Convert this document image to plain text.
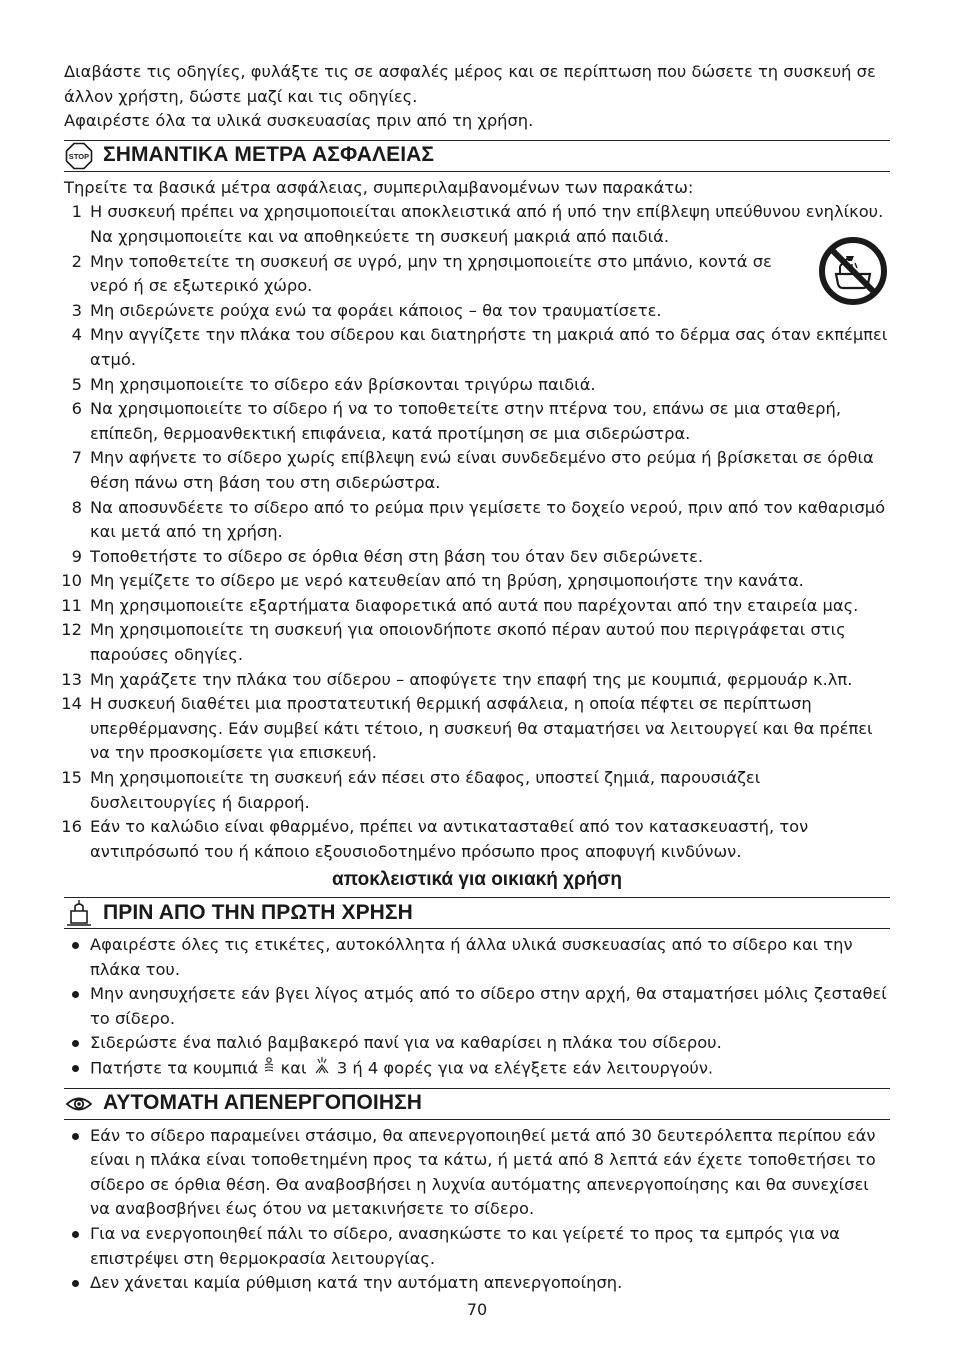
Διαβάστε τις οδηγίες, φυλάξτε τις σε ασφαλές μέρος και σε περίπτωση που δώσετε τη συσκευή σε άλλον χρήστη, δώστε μαζί και τις οδηγίες.

Αφαιρέστε όλα τα υλικά συσκευασίας πριν από τη χρήση.

STOP ΣΗΜΑΝΤΙΚΑ ΜΕΤΡΑ ΑΣΦΑΛΕΙΑΣ

Τηρείτε τα βασικά μέτρα ασφάλειας, συμπεριλαμβανομένων των παρακάτω:

1 Η συσκευή πρέπει να χρησιμοποιείται αποκλειστικά από ή υπό την επίβλεψη υπεύθυνου ενηλίκου. Να χρησιμοποιείτε και να αποθηκεύετε τη συσκευή μακριά από παιδιά.
2 Μην τοποθετείτε τη συσκευή σε υγρό, μην τη χρησιμοποιείτε στο μπάνιο, κοντά σε νερό ή σε εξωτερικό χώρο.
3 Μη σιδερώνετε ρούχα ενώ τα φοράει κάποιος – θα τον τραυματίσετε.
4 Μην αγγίζετε την πλάκα του σίδερου και διατηρήστε τη μακριά από το δέρμα σας όταν εκπέμπει ατμό.
5 Μη χρησιμοποιείτε το σίδερο εάν βρίσκονται τριγύρω παιδιά.
6 Να χρησιμοποιείτε το σίδερο ή να το τοποθετείτε στην πτέρνα του, επάνω σε μια σταθερή, επίπεδη, θερμοανθεκτική επιφάνεια, κατά προτίμηση σε μια σιδερώστρα.
7 Μην αφήνετε το σίδερο χωρίς επίβλεψη ενώ είναι συνδεδεμένο στο ρεύμα ή βρίσκεται σε όρθια θέση πάνω στη βάση του στη σιδερώστρα.
8 Να αποσυνδέετε το σίδερο από το ρεύμα πριν γεμίσετε το δοχείο νερού, πριν από τον καθαρισμό και μετά από τη χρήση.
9 Τοποθετήστε το σίδερο σε όρθια θέση στη βάση του όταν δεν σιδερώνετε.
10 Μη γεμίζετε το σίδερο με νερό κατευθείαν από τη βρύση, χρησιμοποιήστε την κανάτα.
11 Μη χρησιμοποιείτε εξαρτήματα διαφορετικά από αυτά που παρέχονται από την εταιρεία μας.
12 Μη χρησιμοποιείτε τη συσκευή για οποιονδήποτε σκοπό πέραν αυτού που περιγράφεται στις παρούσες οδηγίες.
13 Μη χαράζετε την πλάκα του σίδερου – αποφύγετε την επαφή της με κουμπιά, φερμουάρ κ.λπ.
14 Η συσκευή διαθέτει μια προστατευτική θερμική ασφάλεια, η οποία πέφτει σε περίπτωση υπερθέρμανσης. Εάν συμβεί κάτι τέτοιο, η συσκευή θα σταματήσει να λειτουργεί και θα πρέπει να την προσκομίσετε για επισκευή.
15 Μη χρησιμοποιείτε τη συσκευή εάν πέσει στο έδαφος, υποστεί ζημιά, παρουσιάζει δυσλειτουργίες ή διαρροή.
16 Εάν το καλώδιο είναι φθαρμένο, πρέπει να αντικατασταθεί από τον κατασκευαστή, τον αντιπρόσωπό του ή κάποιο εξουσιοδοτημένο πρόσωπο προς αποφυγή κινδύνων.

αποκλειστικά για οικιακή χρήση

ΠΡΙΝ ΑΠΟ ΤΗΝ ΠΡΩΤΗ ΧΡΗΣΗ
Αφαιρέστε όλες τις ετικέτες, αυτοκόλλητα ή άλλα υλικά συσκευασίας από το σίδερο και την πλάκα του.
Μην ανησυχήσετε εάν βγει λίγος ατμός από το σίδερο στην αρχή, θα σταματήσει μόλις ζεσταθεί το σίδερο.
Σιδερώστε ένα παλιό βαμβακερό πανί για να καθαρίσει η πλάκα του σίδερου.
Πατήστε τα κουμπιά  και  3 ή 4 φορές για να ελέγξετε εάν λειτουργούν.
ΑΥΤΟΜΑΤΗ ΑΠΕΝΕΡΓΟΠΟΙΗΣΗ
Εάν το σίδερο παραμείνει στάσιμο, θα απενεργοποιηθεί μετά από 30 δευτερόλεπτα περίπου εάν είναι η πλάκα είναι τοποθετημένη προς τα κάτω, ή μετά από 8 λεπτά εάν έχετε τοποθετήσει το σίδερο σε όρθια θέση. Θα αναβοσβήσει η λυχνία αυτόματης απενεργοποίησης και θα συνεχίσει να αναβοσβήνει έως ότου να μετακινήσετε το σίδερο.
Για να ενεργοποιηθεί πάλι το σίδερο, ανασηκώστε το και γείρετέ το προς τα εμπρός για να επιστρέψει στη θερμοκρασία λειτουργίας.
Δεν χάνεται καμία ρύθμιση κατά την αυτόματη απενεργοποίηση.
70
